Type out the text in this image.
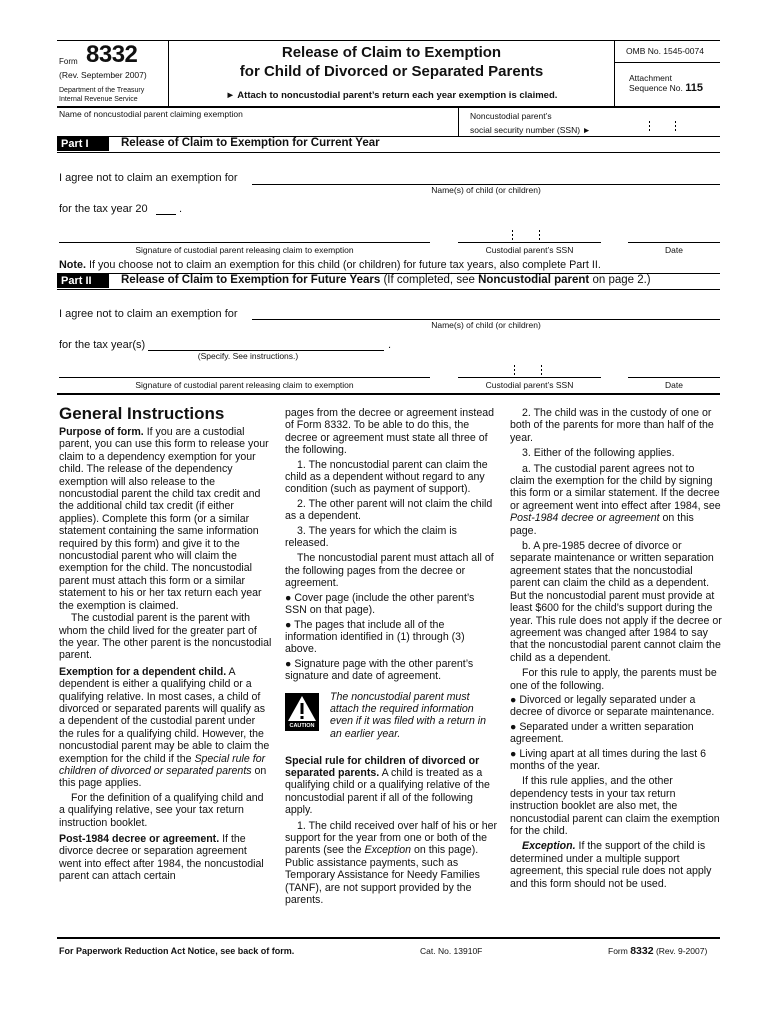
Form 8332
(Rev. September 2007)
Department of the Treasury
Internal Revenue Service
Release of Claim to Exemption
for Child of Divorced or Separated Parents
► Attach to noncustodial parent’s return each year exemption is claimed.
OMB No. 1545-0074
Attachment
Sequence No. 115
Name of noncustodial parent claiming exemption	Noncustodial parent’s
social security number (SSN) ►
Part I	Release of Claim to Exemption for Current Year
I agree not to claim an exemption for
Name(s) of child (or children)
for the tax year 20	.
Signature of custodial parent releasing claim to exemption	Custodial parent’s SSN	Date
Note. If you choose not to claim an exemption for this child (or children) for future tax years, also complete Part II.
Part II	Release of Claim to Exemption for Future Years (If completed, see Noncustodial parent on page 2.)
I agree not to claim an exemption for
Name(s) of child (or children)
for the tax year(s)	.
(Specify. See instructions.)
Signature of custodial parent releasing claim to exemption	Custodial parent’s SSN	Date
General Instructions

Purpose of form. If you are a custodial parent, you can use this form to release your claim to a dependency exemption for your child. The release of the dependency exemption will also release to the noncustodial parent the child tax credit and the additional child tax credit (if either applies). Complete this form (or a similar statement containing the same information required by this form) and give it to the noncustodial parent who will claim the exemption for the child. The noncustodial parent must attach this form or a similar statement to his or her tax return each year the exemption is claimed.

The custodial parent is the parent with whom the child lived for the greater part of the year. The other parent is the noncustodial parent.

Exemption for a dependent child. A dependent is either a qualifying child or a qualifying relative. In most cases, a child of divorced or separated parents will qualify as a dependent of the custodial parent under the rules for a qualifying child. However, the noncustodial parent may be able to claim the exemption for the child if the Special rule for children of divorced or separated parents on this page applies.

For the definition of a qualifying child and a qualifying relative, see your tax return instruction booklet.

Post-1984 decree or agreement. If the divorce decree or separation agreement went into effect after 1984, the noncustodial parent can attach certain

pages from the decree or agreement instead of Form 8332. To be able to do this, the decree or agreement must state all three of the following.

1. The noncustodial parent can claim the child as a dependent without regard to any condition (such as payment of support).

2. The other parent will not claim the child as a dependent.

3. The years for which the claim is released.

The noncustodial parent must attach all of the following pages from the decree or agreement.

● Cover page (include the other parent’s SSN on that page).

● The pages that include all of the information identified in (1) through (3) above.

● Signature page with the other parent’s signature and date of agreement.

CAUTION
The noncustodial parent must attach the required information even if it was filed with a return in an earlier year.

Special rule for children of divorced or separated parents. A child is treated as a qualifying child or a qualifying relative of the noncustodial parent if all of the following apply.

1. The child received over half of his or her support for the year from one or both of the parents (see the Exception on this page). Public assistance payments, such as Temporary Assistance for Needy Families (TANF), are not support provided by the parents.

2. The child was in the custody of one or both of the parents for more than half of the year.

3. Either of the following applies.

a. The custodial parent agrees not to claim the exemption for the child by signing this form or a similar statement. If the decree or agreement went into effect after 1984, see Post-1984 decree or agreement on this page.

b. A pre-1985 decree of divorce or separate maintenance or written separation agreement states that the noncustodial parent can claim the child as a dependent. But the noncustodial parent must provide at least $600 for the child’s support during the year. This rule does not apply if the decree or agreement was changed after 1984 to say that the noncustodial parent cannot claim the child as a dependent.

For this rule to apply, the parents must be one of the following.

● Divorced or legally separated under a decree of divorce or separate maintenance.

● Separated under a written separation agreement.

● Living apart at all times during the last 6 months of the year.

If this rule applies, and the other dependency tests in your tax return instruction booklet are also met, the noncustodial parent can claim the exemption for the child.

Exception. If the support of the child is determined under a multiple support agreement, this special rule does not apply and this form should not be used.

For Paperwork Reduction Act Notice, see back of form.	Cat. No. 13910F	Form 8332 (Rev. 9-2007)
